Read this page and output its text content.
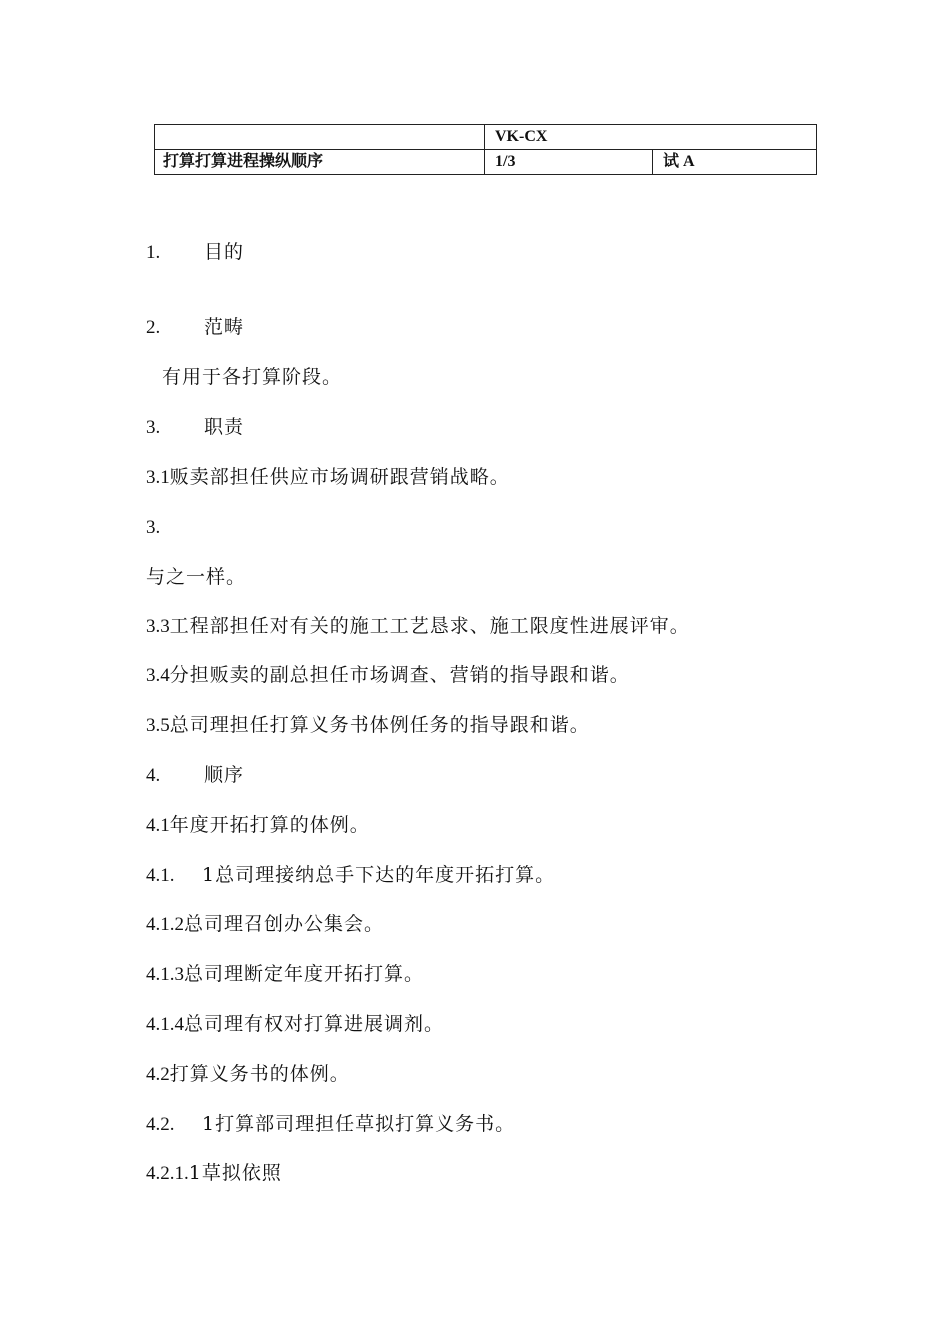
	VK-CX	
打算打算进程操纵顺序	1/3	试 A
1. 目的
2. 范畴
有用于各打算阶段。
3. 职责
3.1贩卖部担任供应市场调研跟营销战略。
3.
与之一样。
3.3工程部担任对有关的施工工艺恳求、施工限度性进展评审。
3.4分担贩卖的副总担任市场调查、营销的指导跟和谐。
3.5总司理担任打算义务书体例任务的指导跟和谐。
4. 顺序
4.1年度开拓打算的体例。
4.1. 1总司理接纳总手下达的年度开拓打算。
4.1.2总司理召创办公集会。
4.1.3总司理断定年度开拓打算。
4.1.4总司理有权对打算进展调剂。
4.2打算义务书的体例。
4.2. 1打算部司理担任草拟打算义务书。
4.2.1.1草拟依照
